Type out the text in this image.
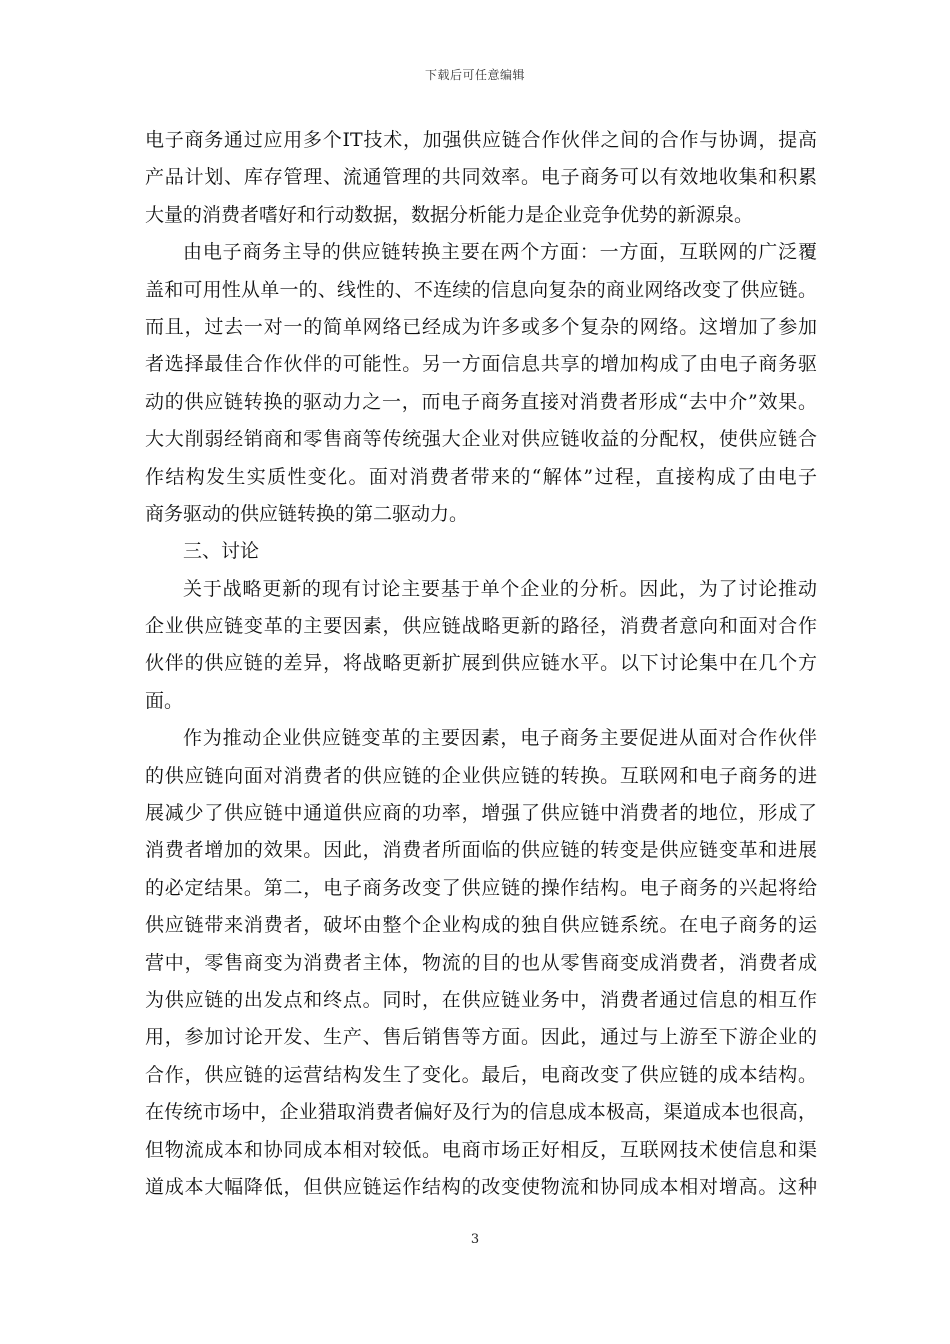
下载后可任意编辑
电子商务通过应用多个IT技术，加强供应链合作伙伴之间的合作与协调，提高
产品计划、库存管理、流通管理的共同效率。电子商务可以有效地收集和积累
大量的消费者嗜好和行动数据，数据分析能力是企业竞争优势的新源泉。
由电子商务主导的供应链转换主要在两个方面：一方面，互联网的广泛覆
盖和可用性从单一的、线性的、不连续的信息向复杂的商业网络改变了供应链。
而且，过去一对一的简单网络已经成为许多或多个复杂的网络。这增加了参加
者选择最佳合作伙伴的可能性。另一方面信息共享的增加构成了由电子商务驱
动的供应链转换的驱动力之一，而电子商务直接对消费者形成“去中介”效果。
大大削弱经销商和零售商等传统强大企业对供应链收益的分配权，使供应链合
作结构发生实质性变化。面对消费者带来的“解体”过程，直接构成了由电子
商务驱动的供应链转换的第二驱动力。
三、讨论
关于战略更新的现有讨论主要基于单个企业的分析。因此，为了讨论推动
企业供应链变革的主要因素，供应链战略更新的路径，消费者意向和面对合作
伙伴的供应链的差异，将战略更新扩展到供应链水平。以下讨论集中在几个方
面。
作为推动企业供应链变革的主要因素，电子商务主要促进从面对合作伙伴
的供应链向面对消费者的供应链的企业供应链的转换。互联网和电子商务的进
展减少了供应链中通道供应商的功率，增强了供应链中消费者的地位，形成了
消费者增加的效果。因此，消费者所面临的供应链的转变是供应链变革和进展
的必定结果。第二，电子商务改变了供应链的操作结构。电子商务的兴起将给
供应链带来消费者，破坏由整个企业构成的独自供应链系统。在电子商务的运
营中，零售商变为消费者主体，物流的目的也从零售商变成消费者，消费者成
为供应链的出发点和终点。同时，在供应链业务中，消费者通过信息的相互作
用，参加讨论开发、生产、售后销售等方面。因此，通过与上游至下游企业的
合作，供应链的运营结构发生了变化。最后，电商改变了供应链的成本结构。
在传统市场中，企业猎取消费者偏好及行为的信息成本极高，渠道成本也很高，
但物流成本和协同成本相对较低。电商市场正好相反，互联网技术使信息和渠
道成本大幅降低，但供应链运作结构的改变使物流和协同成本相对增高。这种
3
